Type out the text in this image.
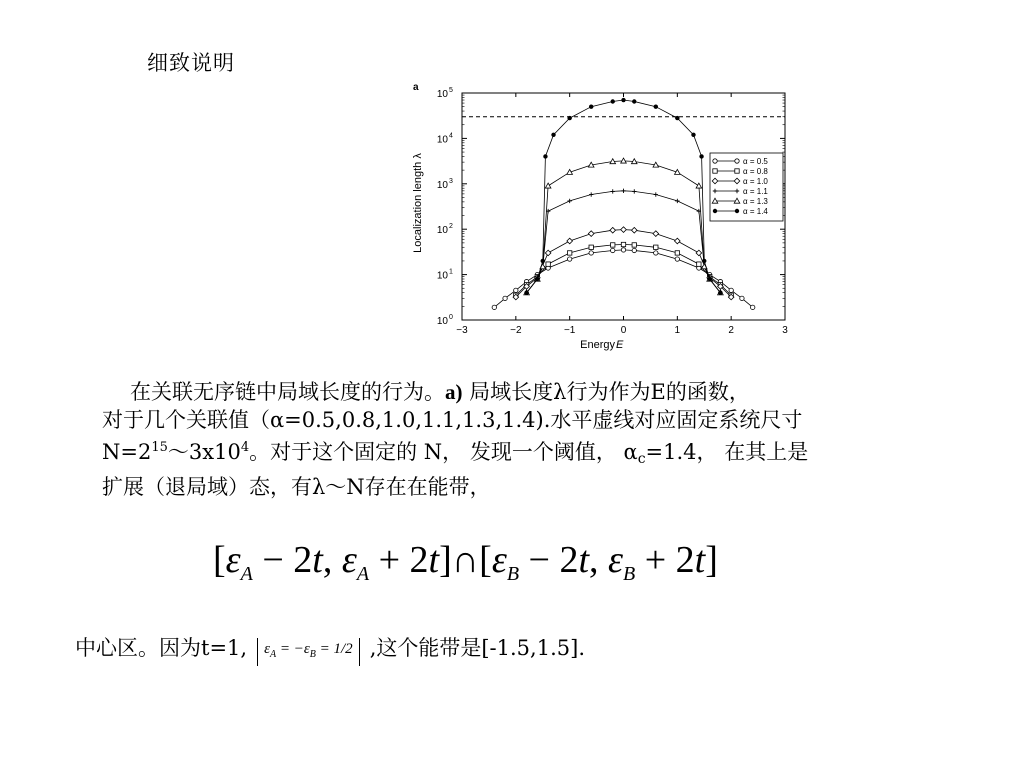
细致说明
a
Localization length λ
Energy E
−3	−2	−1	0	1	2	3
10 0
10 1
10 2
10 3
10 4
10 5
α = 0.5
α = 0.8
α = 1.0
α = 1.1
α = 1.3
α = 1.4
在关联无序链中局域长度的行为。a) 局域长度λ行为作为E的函数，
对于几个关联值（α=0.5,0.8,1.0,1.1,1.3,1.4).水平虚线对应固定系统尺寸
$N=2^{15}\sim 3x10^4$。对于这个固定的 N， 发现一个阈值， αc=1.4， 在其上是
扩展（退局域）态，有λ～N存在在能带，
[$\varepsilon_A - 2t$, $\varepsilon_A$ + $2t]\cap[\varepsilon_B - 2t$, $\varepsilon_B + 2t$]
中心区。因为t=1, $\varepsilon_A = -\varepsilon_B = 1/2$ ,这个能带是[-1.5,1.5].
